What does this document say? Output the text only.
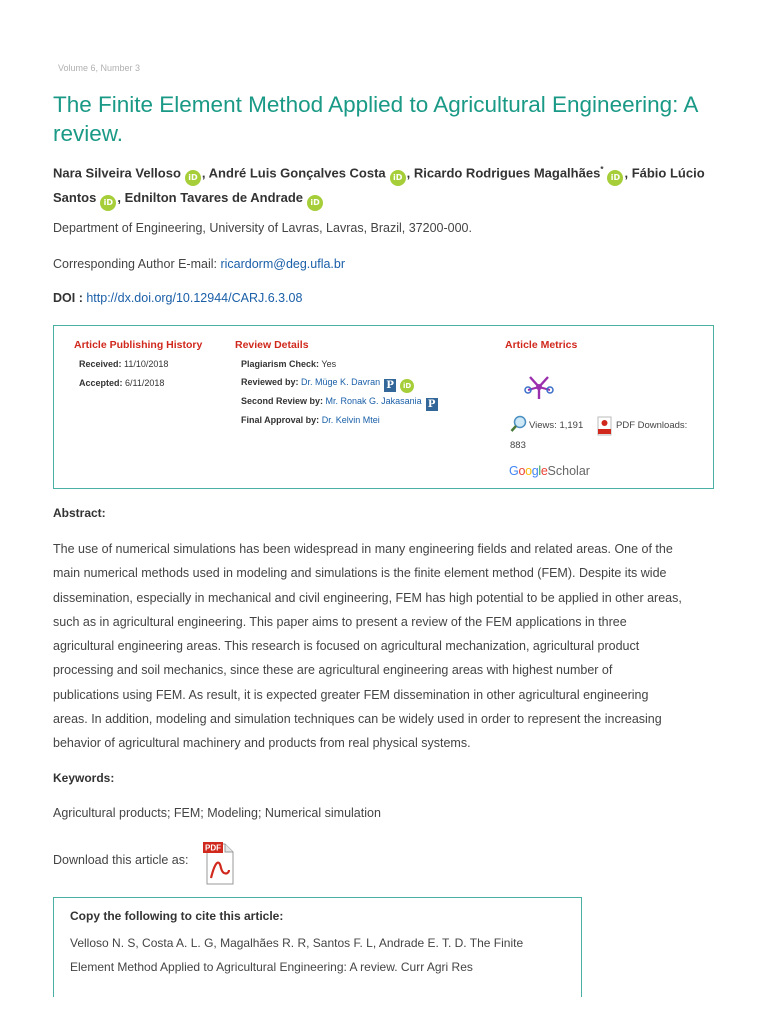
Volume 6, Number 3
The Finite Element Method Applied to Agricultural Engineering: A review.
Nara Silveira Velloso iD , André Luis Gonçalves Costa iD , Ricardo Rodrigues Magalhães*iD , Fábio Lúcio Santos iD , Ednilton Tavares de Andrade iD
Department of Engineering, University of Lavras, Lavras, Brazil, 37200-000.
Corresponding Author E-mail: ricardorm@deg.ufla.br
DOI : http://dx.doi.org/10.12944/CARJ.6.3.08
Article Publishing History
Received: 11/10/2018
Accepted: 6/11/2018
Review Details
Plagiarism Check: Yes
Reviewed by: Dr. Müge K. Davran P iD
Second Review by: Mr. Ronak G. Jakasania P
Final Approval by: Dr. Kelvin Mtei
Article Metrics
Views: 1,191	PDF Downloads:
883
GoogleScholar
Abstract:
The use of numerical simulations has been widespread in many engineering fields and related areas. One of the
main numerical methods used in modeling and simulations is the finite element method (FEM). Despite its wide
dissemination, especially in mechanical and civil engineering, FEM has high potential to be applied in other areas,
such as in agricultural engineering. This paper aims to present a review of the FEM applications in three
agricultural engineering areas. This research is focused on agricultural mechanization, agricultural product
processing and soil mechanics, since these are agricultural engineering areas with highest number of
publications using FEM. As result, it is expected greater FEM dissemination in other agricultural engineering
areas. In addition, modeling and simulation techniques can be widely used in order to represent the increasing
behavior of agricultural machinery and products from real physical systems.
Keywords:
Agricultural products; FEM; Modeling; Numerical simulation
Download this article as:
PDF
Copy the following to cite this article:
Velloso N. S, Costa A. L. G, Magalhães R. R, Santos F. L, Andrade E. T. D. The Finite
Element Method Applied to Agricultural Engineering: A review. Curr Agri Res
